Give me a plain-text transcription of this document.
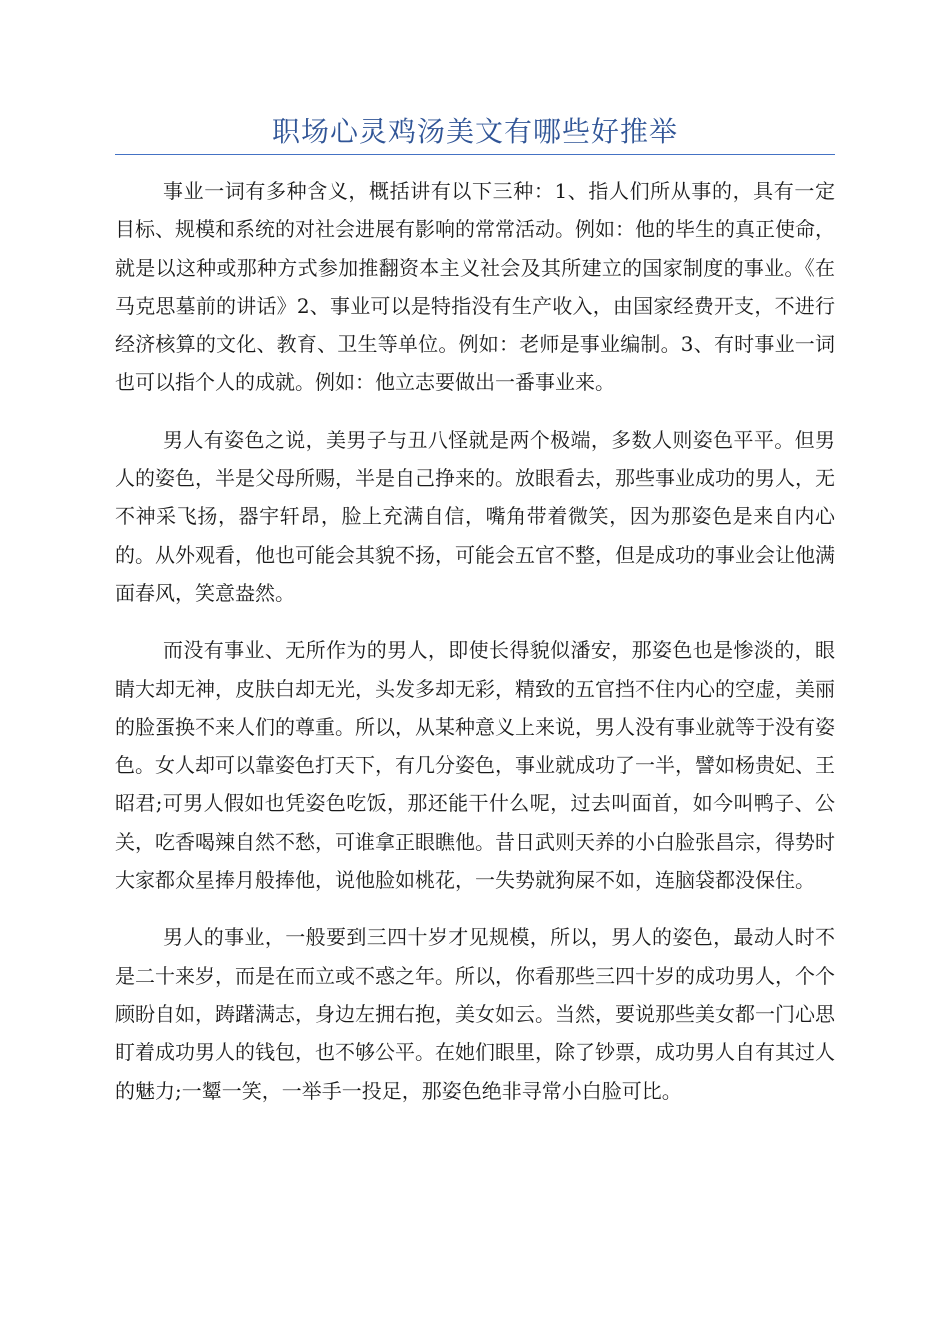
职场心灵鸡汤美文有哪些好推举

事业一词有多种含义，概括讲有以下三种：1、指人们所从事的，具有一定目标、规模和系统的对社会进展有影响的常常活动。例如：他的毕生的真正使命，就是以这种或那种方式参加推翻资本主义社会及其所建立的国家制度的事业。《在马克思墓前的讲话》2、事业可以是特指没有生产收入，由国家经费开支，不进行经济核算的文化、教育、卫生等单位。例如：老师是事业编制。3、有时事业一词也可以指个人的成就。例如：他立志要做出一番事业来。

男人有姿色之说，美男子与丑八怪就是两个极端，多数人则姿色平平。但男人的姿色，半是父母所赐，半是自己挣来的。放眼看去，那些事业成功的男人，无不神采飞扬，器宇轩昂，脸上充满自信，嘴角带着微笑，因为那姿色是来自内心的。从外观看，他也可能会其貌不扬，可能会五官不整，但是成功的事业会让他满面春风，笑意盎然。

而没有事业、无所作为的男人，即使长得貌似潘安，那姿色也是惨淡的，眼睛大却无神，皮肤白却无光，头发多却无彩，精致的五官挡不住内心的空虚，美丽的脸蛋换不来人们的尊重。所以，从某种意义上来说，男人没有事业就等于没有姿色。女人却可以靠姿色打天下，有几分姿色，事业就成功了一半，譬如杨贵妃、王昭君;可男人假如也凭姿色吃饭，那还能干什么呢，过去叫面首，如今叫鸭子、公关，吃香喝辣自然不愁，可谁拿正眼瞧他。昔日武则天养的小白脸张昌宗，得势时大家都众星捧月般捧他，说他脸如桃花，一失势就狗屎不如，连脑袋都没保住。

男人的事业，一般要到三四十岁才见规模，所以，男人的姿色，最动人时不是二十来岁，而是在而立或不惑之年。所以，你看那些三四十岁的成功男人，个个顾盼自如，踌躇满志，身边左拥右抱，美女如云。当然，要说那些美女都一门心思盯着成功男人的钱包，也不够公平。在她们眼里，除了钞票，成功男人自有其过人的魅力;一颦一笑，一举手一投足，那姿色绝非寻常小白脸可比。
